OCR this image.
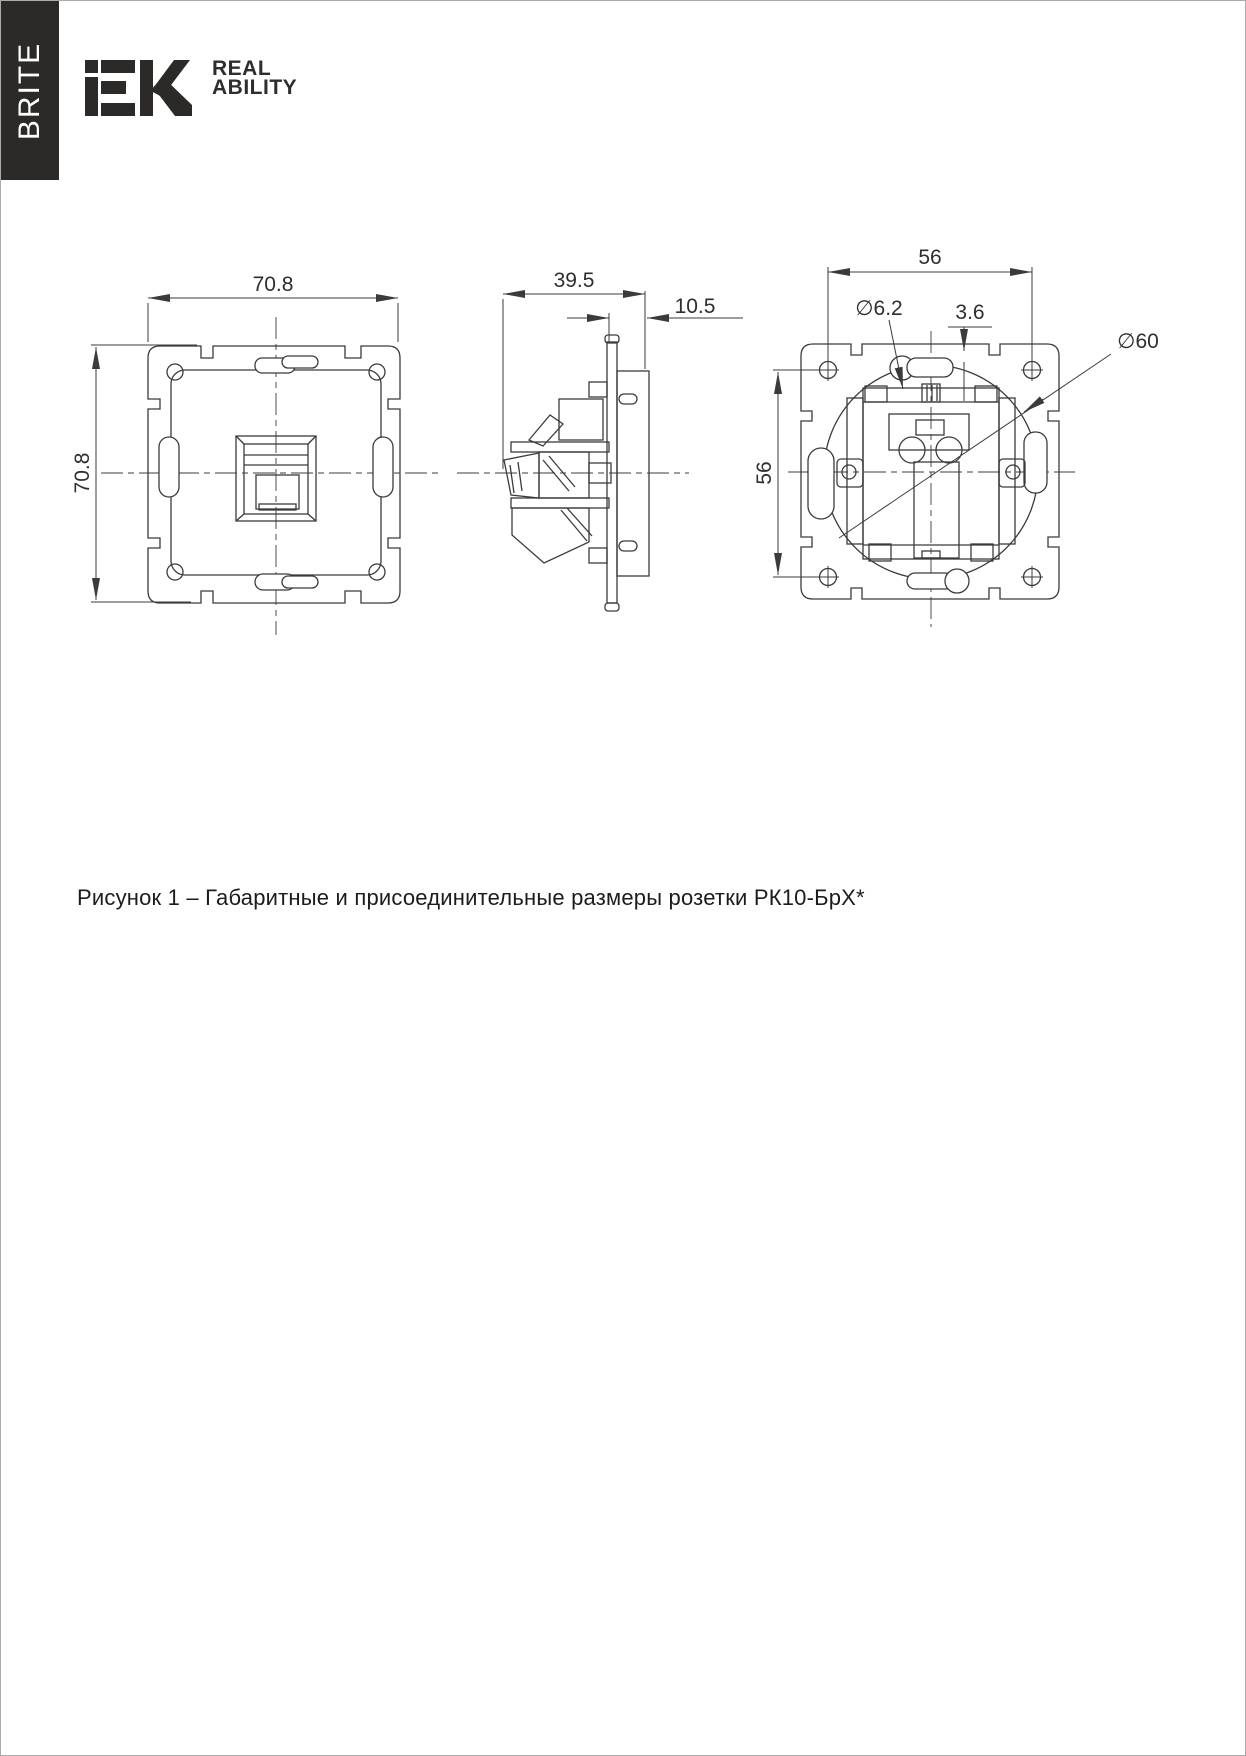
BRITE	REAL
ABILITY
70.8
70.8
39.5
10.5
56
56
∅6.2	3.6
∅60
Рисунок 1 – Габаритные и присоединительные размеры розетки РК10-БрХ*
